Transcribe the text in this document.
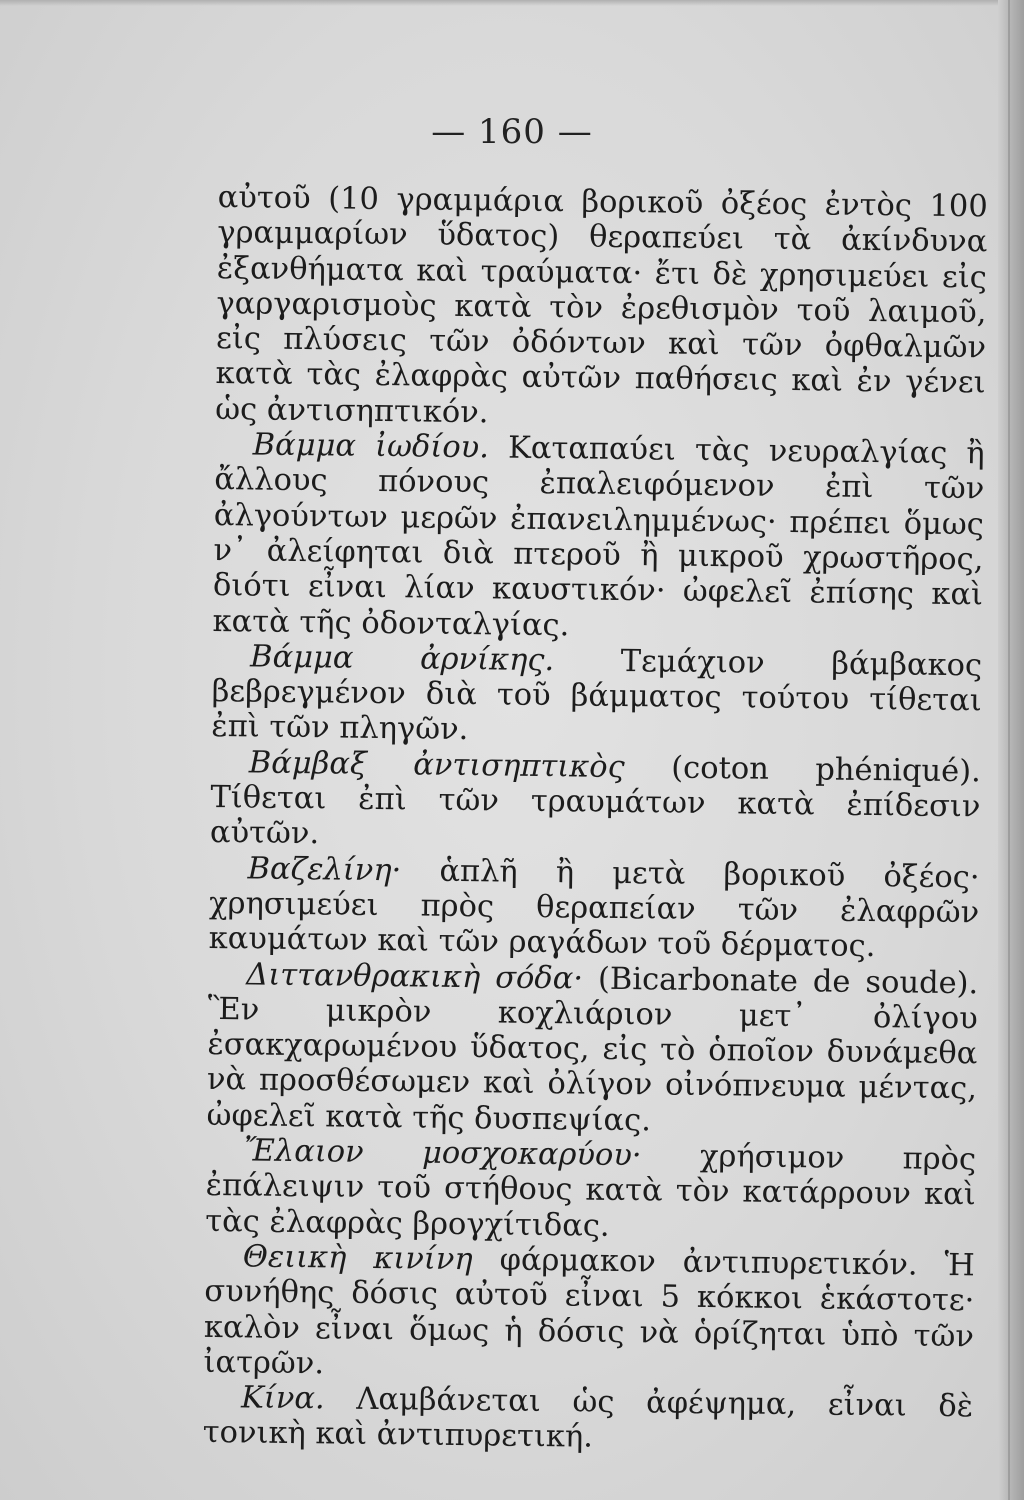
— 160 —

αὐτοῦ (10 γραμμάρια βορικοῦ ὀξέος ἐντὸς 100 γραμμαρίων ὕδατος) θεραπεύει τὰ ἀκίνδυνα ἐξανθήματα καὶ τραύματα· ἔτι δὲ χρησιμεύει εἰς γαργαρισμοὺς κατὰ τὸν ἐρεθισμὸν τοῦ λαιμοῦ, εἰς πλύσεις τῶν ὀδόντων καὶ τῶν ὀφθαλμῶν κατὰ τὰς ἐλαφρὰς αὐτῶν παθήσεις καὶ ἐν γένει ὡς ἀντισηπτικόν.

Βάμμα ἰωδίου. Καταπαύει τὰς νευραλγίας ἢ ἄλλους πόνους ἐπαλειφόμενον ἐπὶ τῶν ἀλγούντων μερῶν ἐπανειλημμένως· πρέπει ὅμως ν᾽ ἀλείφηται διὰ πτεροῦ ἢ μικροῦ χρωστῆρος, διότι εἶναι λίαν καυστικόν· ὠφελεῖ ἐπίσης καὶ κατὰ τῆς ὀδονταλγίας.

Βάμμα ἀρνίκης. Τεμάχιον βάμβακος βεβρεγμένον διὰ τοῦ βάμματος τούτου τίθεται ἐπὶ τῶν πληγῶν.

Βάμβαξ ἀντισηπτικὸς (coton phéniqué). Τίθεται ἐπὶ τῶν τραυμάτων κατὰ ἐπίδεσιν αὐτῶν.

Βαζελίνη· ἁπλῆ ἢ μετὰ βορικοῦ ὀξέος· χρησιμεύει πρὸς θεραπείαν τῶν ἐλαφρῶν καυμάτων καὶ τῶν ραγάδων τοῦ δέρματος.

Διττανθρακικὴ σόδα· (Bicarbonate de soude). Ἓν μικρὸν κοχλιάριον μετ᾽ ὀλίγου ἐσακχαρωμένου ὕδατος, εἰς τὸ ὁποῖον δυνάμεθα νὰ προσθέσωμεν καὶ ὀλίγον οἰνόπνευμα μέντας, ὠφελεῖ κατὰ τῆς δυσπεψίας.

Ἔλαιον μοσχοκαρύου· χρήσιμον πρὸς ἐπάλειψιν τοῦ στήθους κατὰ τὸν κατάρρουν καὶ τὰς ἐλαφρὰς βρογχίτιδας.

Θειικὴ κινίνη φάρμακον ἀντιπυρετικόν. Ἡ συνήθης δόσις αὐτοῦ εἶναι 5 κόκκοι ἑκάστοτε· καλὸν εἶναι ὅμως ἡ δόσις νὰ ὁρίζηται ὑπὸ τῶν ἰατρῶν.

Κίνα. Λαμβάνεται ὡς ἀφέψημα, εἶναι δὲ τονικὴ καὶ ἀντιπυρετική.
